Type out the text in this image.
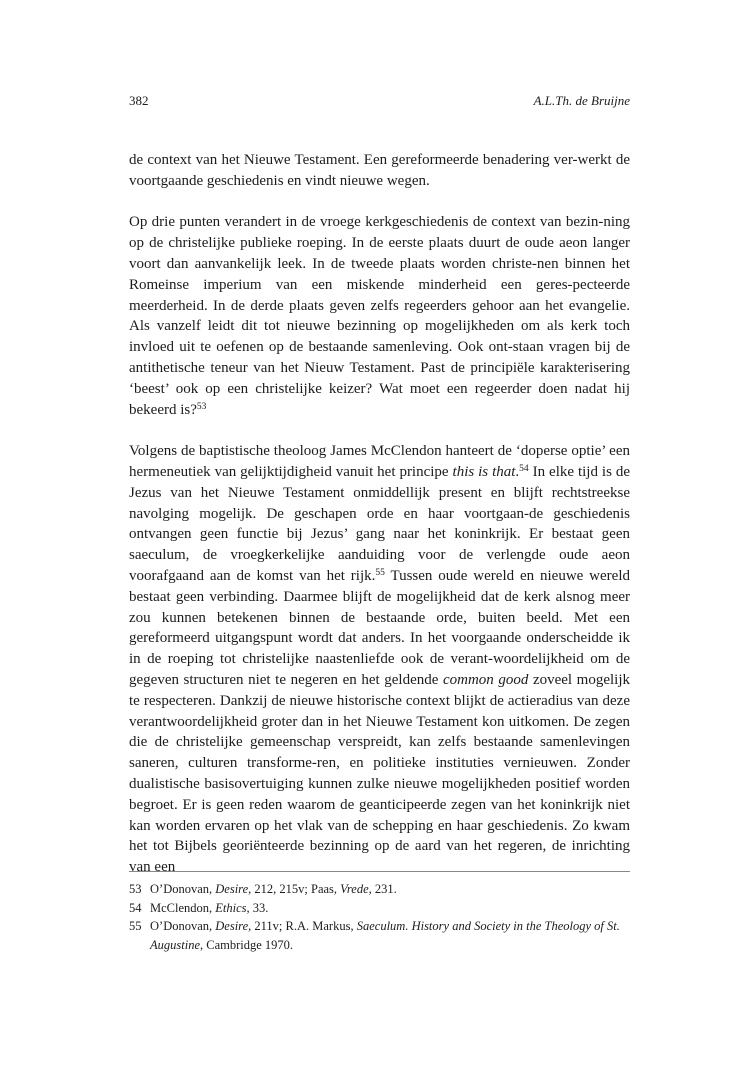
382	A.L.Th. de Bruijne

de context van het Nieuwe Testament. Een gereformeerde benadering ver-werkt de voortgaande geschiedenis en vindt nieuwe wegen.

Op drie punten verandert in de vroege kerkgeschiedenis de context van bezin-ning op de christelijke publieke roeping. In de eerste plaats duurt de oude aeon langer voort dan aanvankelijk leek. In de tweede plaats worden christe-nen binnen het Romeinse imperium van een miskende minderheid een geres-pecteerde meerderheid. In de derde plaats geven zelfs regeerders gehoor aan het evangelie. Als vanzelf leidt dit tot nieuwe bezinning op mogelijkheden om als kerk toch invloed uit te oefenen op de bestaande samenleving. Ook ont-staan vragen bij de antithetische teneur van het Nieuw Testament. Past de principiële karakterisering ‘beest’ ook op een christelijke keizer? Wat moet een regeerder doen nadat hij bekeerd is?$^{53}$

Volgens de baptistische theoloog James McClendon hanteert de ‘doperse optie’ een hermeneutiek van gelijktijdigheid vanuit het principe this is that.$^{54}$ In elke tijd is de Jezus van het Nieuwe Testament onmiddellijk present en blijft rechtstreekse navolging mogelijk. De geschapen orde en haar voortgaan-de geschiedenis ontvangen geen functie bij Jezus’ gang naar het koninkrijk. Er bestaat geen saeculum, de vroegkerkelijke aanduiding voor de verlengde oude aeon voorafgaand aan de komst van het rijk.$^{55}$ Tussen oude wereld en nieuwe wereld bestaat geen verbinding. Daarmee blijft de mogelijkheid dat de kerk alsnog meer zou kunnen betekenen binnen de bestaande orde, buiten beeld. Met een gereformeerd uitgangspunt wordt dat anders. In het voorgaande onderscheidde ik in de roeping tot christelijke naastenliefde ook de verant-woordelijkheid om de gegeven structuren niet te negeren en het geldende common good zoveel mogelijk te respecteren. Dankzij de nieuwe historische context blijkt de actieradius van deze verantwoordelijkheid groter dan in het Nieuwe Testament kon uitkomen. De zegen die de christelijke gemeenschap verspreidt, kan zelfs bestaande samenlevingen saneren, culturen transforme-ren, en politieke instituties vernieuwen. Zonder dualistische basisovertuiging kunnen zulke nieuwe mogelijkheden positief worden begroet. Er is geen reden waarom de geanticipeerde zegen van het koninkrijk niet kan worden ervaren op het vlak van de schepping en haar geschiedenis. Zo kwam het tot Bijbels georiënteerde bezinning op de aard van het regeren, de inrichting van een

53 O’Donovan, Desire, 212, 215v; Paas, Vrede, 231.
54 McClendon, Ethics, 33.
55 O’Donovan, Desire, 211v; R.A. Markus, Saeculum. History and Society in the Theology of St. Augustine, Cambridge 1970.
